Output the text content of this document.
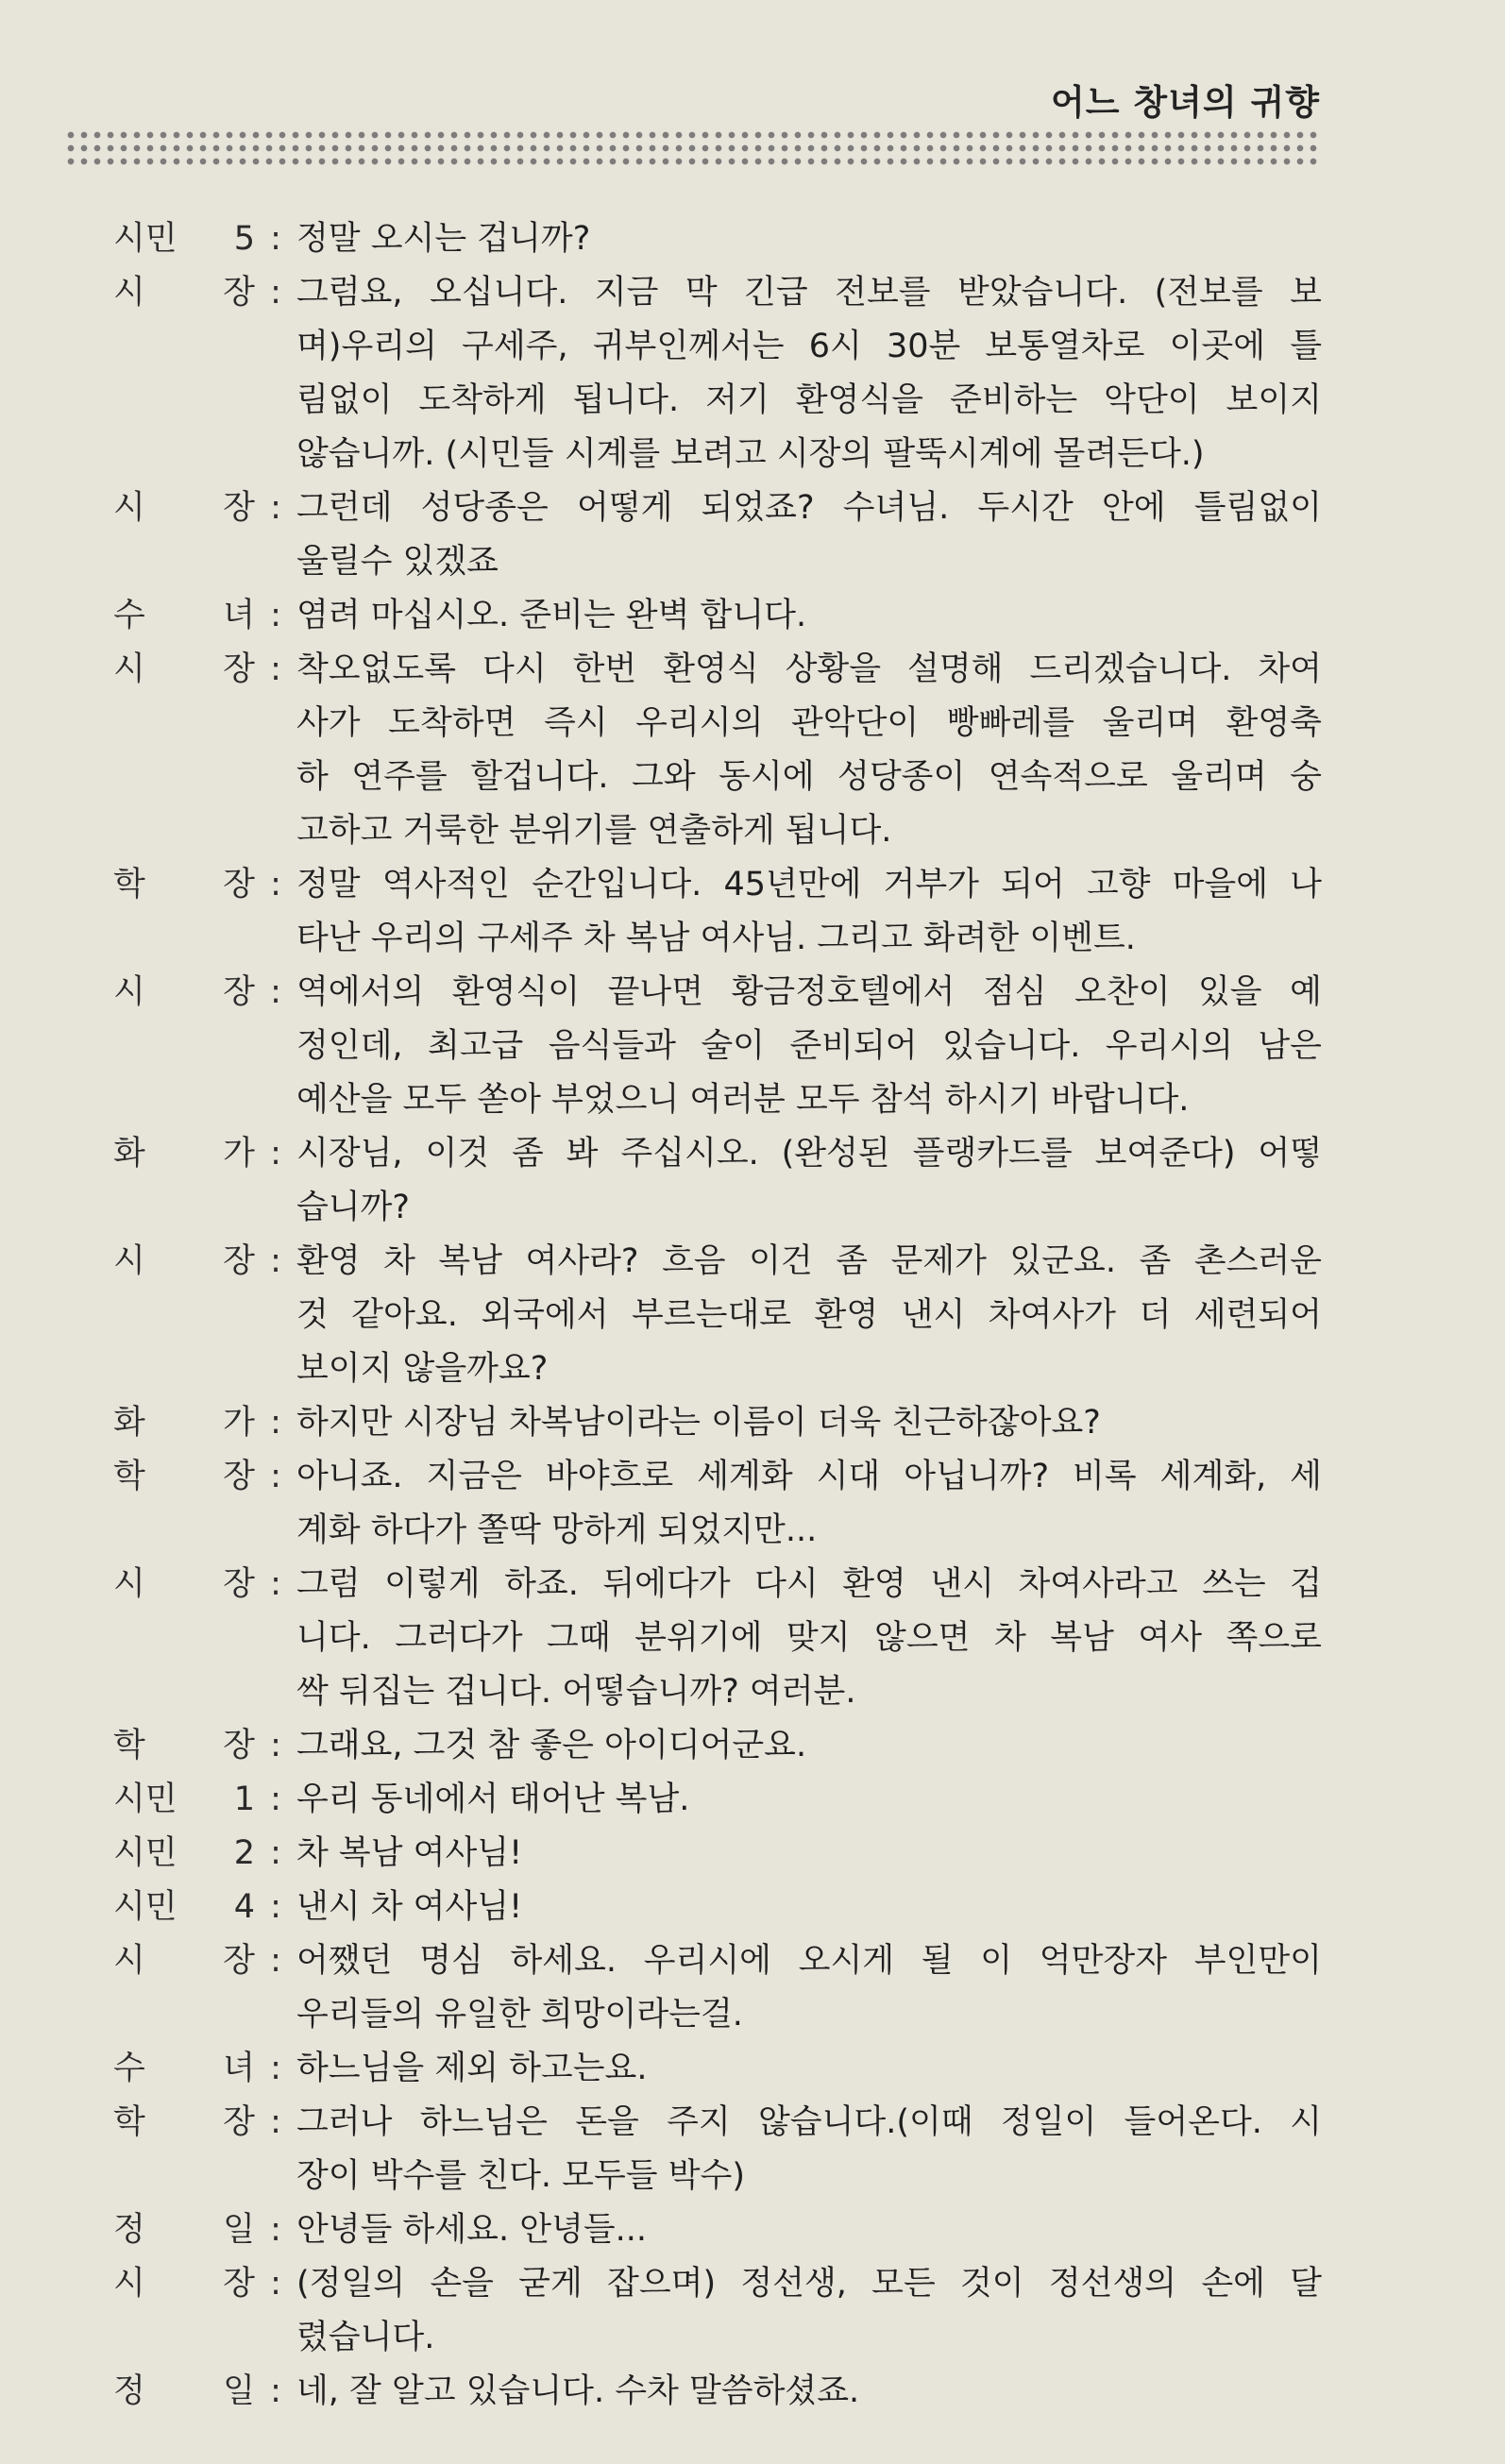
어느 창녀의 귀향
시민 5 : 정말 오시는 겁니까?
시 장 : 그럼요, 오십니다. 지금 막 긴급 전보를 받았습니다. (전보를 보
며)우리의 구세주, 귀부인께서는 6시 30분 보통열차로 이곳에 틀
림없이 도착하게 됩니다. 저기 환영식을 준비하는 악단이 보이지
않습니까. (시민들 시계를 보려고 시장의 팔뚝시계에 몰려든다.)
시 장 : 그런데 성당종은 어떻게 되었죠? 수녀님. 두시간 안에 틀림없이
울릴수 있겠죠
수 녀 : 염려 마십시오. 준비는 완벽 합니다.
시 장 : 착오없도록 다시 한번 환영식 상황을 설명해 드리겠습니다. 차여
사가 도착하면 즉시 우리시의 관악단이 빵빠레를 울리며 환영축
하 연주를 할겁니다. 그와 동시에 성당종이 연속적으로 울리며 숭
고하고 거룩한 분위기를 연출하게 됩니다.
학 장 : 정말 역사적인 순간입니다. 45년만에 거부가 되어 고향 마을에 나
타난 우리의 구세주 차 복남 여사님. 그리고 화려한 이벤트.
시 장 : 역에서의 환영식이 끝나면 황금정호텔에서 점심 오찬이 있을 예
정인데, 최고급 음식들과 술이 준비되어 있습니다. 우리시의 남은
예산을 모두 쏟아 부었으니 여러분 모두 참석 하시기 바랍니다.
화 가 : 시장님, 이것 좀 봐 주십시오. (완성된 플랭카드를 보여준다) 어떻
습니까?
시 장 : 환영 차 복남 여사라? 흐음 이건 좀 문제가 있군요. 좀 촌스러운
것 같아요. 외국에서 부르는대로 환영 낸시 차여사가 더 세련되어
보이지 않을까요?
화 가 : 하지만 시장님 차복남이라는 이름이 더욱 친근하잖아요?
학 장 : 아니죠. 지금은 바야흐로 세계화 시대 아닙니까? 비록 세계화, 세
계화 하다가 쫄딱 망하게 되었지만...
시 장 : 그럼 이렇게 하죠. 뒤에다가 다시 환영 낸시 차여사라고 쓰는 겁
니다. 그러다가 그때 분위기에 맞지 않으면 차 복남 여사 쪽으로
싹 뒤집는 겁니다. 어떻습니까? 여러분.
학 장 : 그래요, 그것 참 좋은 아이디어군요.
시민 1 : 우리 동네에서 태어난 복남.
시민 2 : 차 복남 여사님!
시민 4 : 낸시 차 여사님!
시 장 : 어쨌던 명심 하세요. 우리시에 오시게 될 이 억만장자 부인만이
우리들의 유일한 희망이라는걸.
수 녀 : 하느님을 제외 하고는요.
학 장 : 그러나 하느님은 돈을 주지 않습니다.(이때 정일이 들어온다. 시
장이 박수를 친다. 모두들 박수)
정 일 : 안녕들 하세요. 안녕들...
시 장 : (정일의 손을 굳게 잡으며) 정선생, 모든 것이 정선생의 손에 달
렸습니다.
정 일 : 네, 잘 알고 있습니다. 수차 말씀하셨죠.
